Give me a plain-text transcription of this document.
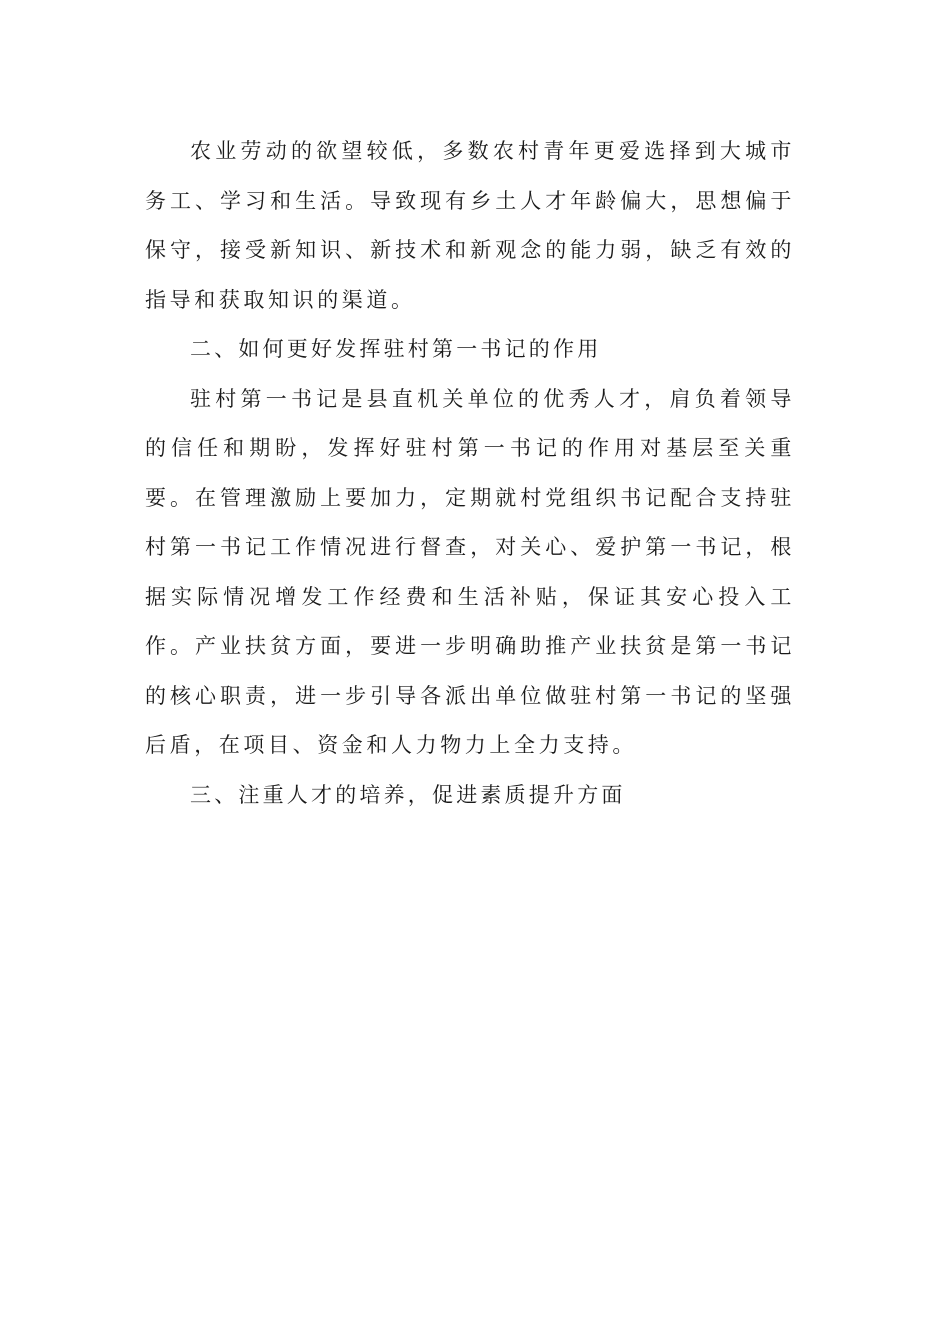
农业劳动的欲望较低，多数农村青年更爱选择到大城市务工、学习和生活。导致现有乡土人才年龄偏大，思想偏于保守，接受新知识、新技术和新观念的能力弱，缺乏有效的指导和获取知识的渠道。

二、如何更好发挥驻村第一书记的作用

驻村第一书记是县直机关单位的优秀人才，肩负着领导的信任和期盼，发挥好驻村第一书记的作用对基层至关重要。在管理激励上要加力，定期就村党组织书记配合支持驻村第一书记工作情况进行督查，对关心、爱护第一书记，根据实际情况增发工作经费和生活补贴，保证其安心投入工作。产业扶贫方面，要进一步明确助推产业扶贫是第一书记的核心职责，进一步引导各派出单位做驻村第一书记的坚强后盾，在项目、资金和人力物力上全力支持。

三、注重人才的培养，促进素质提升方面
